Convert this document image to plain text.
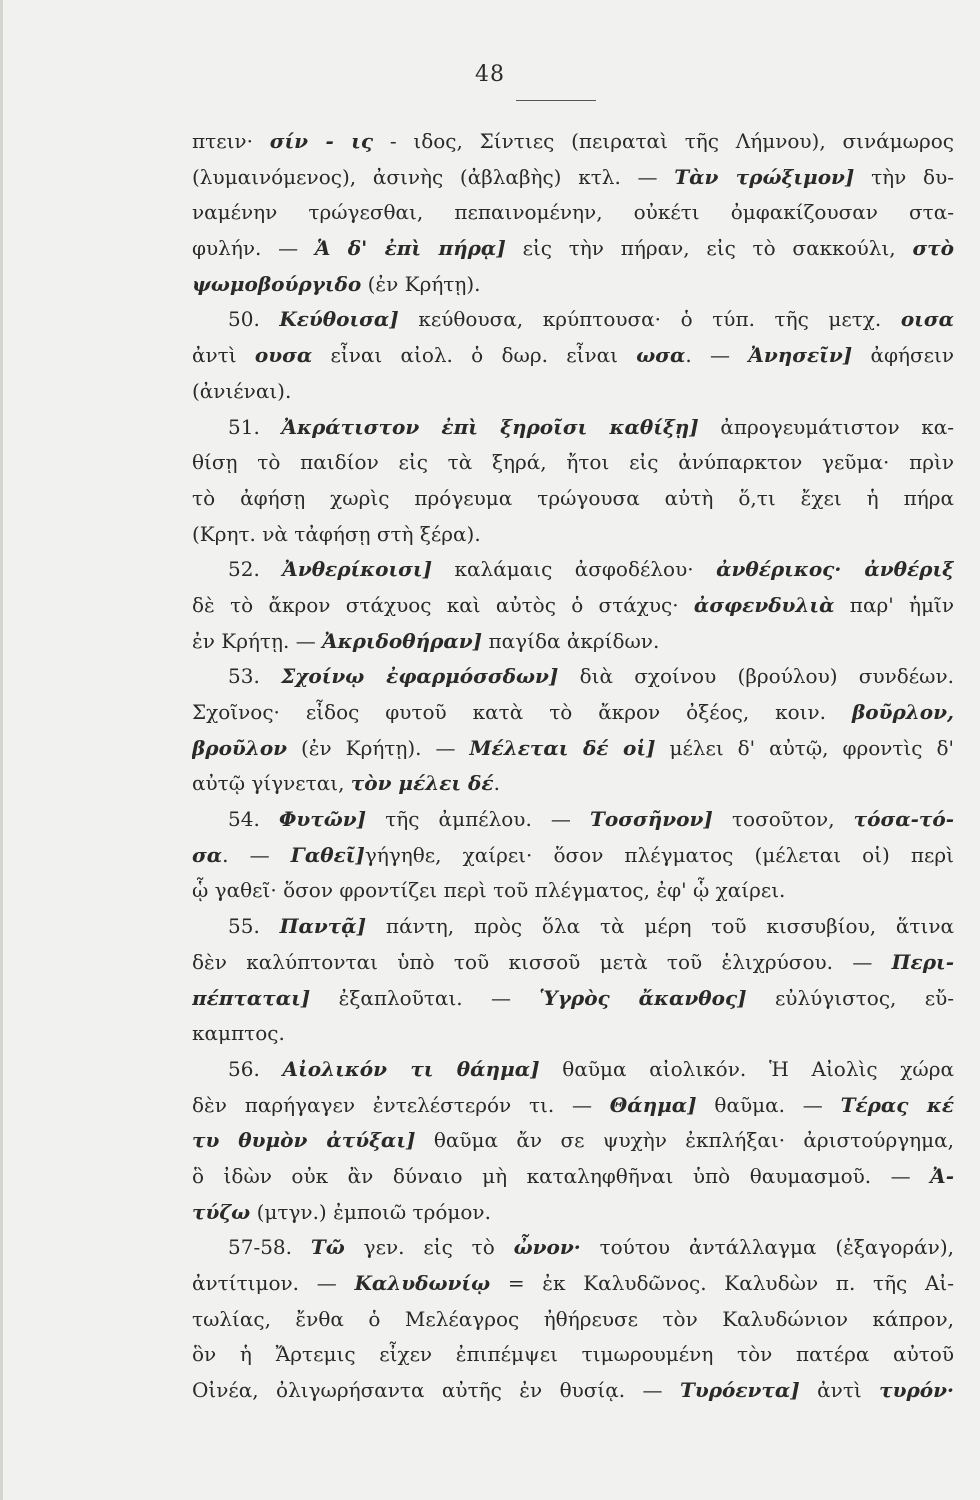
48
πτειν· σίν - ις - ιδος, Σίντιες (πειραταὶ τῆς Λήμνου), σινάμωρος
(λυμαινόμενος), ἀσινὴς (ἀβλαβὴς) κτλ. — Τὰν τρώξιμον] τὴν δυ-
ναμένην τρώγεσθαι, πεπαινομένην, οὐκέτι ὀμφακίζουσαν στα-
φυλήν. — Ἁ δ' ἐπὶ πήρᾳ] εἰς τὴν πήραν, εἰς τὸ σακκούλι, στὸ
ψωμοβούργιδο (ἐν Κρήτῃ).
50. Κεύθοισα] κεύθουσα, κρύπτουσα· ὁ τύπ. τῆς μετχ. οισα
ἀντὶ ουσα εἶναι αἰολ. ὁ δωρ. εἶναι ωσα. — Ἀνησεῖν] ἀφήσειν
(ἀνιέναι).
51. Ἀκράτιστον ἐπὶ ξηροῖσι καθίξῃ] ἀπρογευμάτιστον κα-
θίσῃ τὸ παιδίον εἰς τὰ ξηρά, ἤτοι εἰς ἀνύπαρκτον γεῦμα· πρὶν
τὸ ἀφήσῃ χωρὶς πρόγευμα τρώγουσα αὐτὴ ὅ,τι ἔχει ἡ πήρα
(Κρητ. νὰ τἀφήσῃ στὴ ξέρα).
52. Ἀνθερίκοισι] καλάμαις ἀσφοδέλου· ἀνθέρικος· ἀνθέριξ
δὲ τὸ ἄκρον στάχυος καὶ αὐτὸς ὁ στάχυς· ἀσφενδυλιὰ παρ' ἡμῖν
ἐν Κρήτῃ. — Ἀκριδοθήραν] παγίδα ἀκρίδων.
53. Σχοίνῳ ἐφαρμόσσδων] διὰ σχοίνου (βρούλου) συνδέων.
Σχοῖνος· εἶδος φυτοῦ κατὰ τὸ ἄκρον ὀξέος, κοιν. βοῦρλον,
βροῦλον (ἐν Κρήτῃ). — Μέλεται δέ οἱ] μέλει δ' αὐτῷ, φροντὶς δ'
αὐτῷ γίγνεται, τὸν μέλει δέ.
54. Φυτῶν] τῆς ἀμπέλου. — Τοσσῆνον] τοσοῦτον, τόσα-τό-
σα. — Γαθεῖ]γήγηθε, χαίρει· ὅσον πλέγματος (μέλεται οἱ) περὶ
ᾧ γαθεῖ· ὅσον φροντίζει περὶ τοῦ πλέγματος, ἐφ' ᾧ χαίρει.
55. Παντᾷ] πάντη, πρὸς ὅλα τὰ μέρη τοῦ κισσυβίου, ἅτινα
δὲν καλύπτονται ὑπὸ τοῦ κισσοῦ μετὰ τοῦ ἑλιχρύσου. — Περι-
πέπταται] ἐξαπλοῦται. — Ὑγρὸς ἄκανθος] εὐλύγιστος, εὔ-
καμπτος.
56. Αἰολικόν τι θάημα] θαῦμα αἰολικόν. Ἡ Αἰολὶς χώρα
δὲν παρήγαγεν ἐντελέστερόν τι. — Θάημα] θαῦμα. — Τέρας κέ
τυ θυμὸν ἀτύξαι] θαῦμα ἄν σε ψυχὴν ἐκπλήξαι· ἀριστούργημα,
ὃ ἰδὼν οὐκ ἂν δύναιο μὴ καταληφθῆναι ὑπὸ θαυμασμοῦ. — Ἀ-
τύζω (μτγν.) ἐμποιῶ τρόμον.
57-58. Τῶ γεν. εἰς τὸ ὦνον· τούτου ἀντάλλαγμα (ἐξαγοράν),
ἀντίτιμον. — Καλυδωνίῳ = ἐκ Καλυδῶνος. Καλυδὼν π. τῆς Αἰ-
τωλίας, ἔνθα ὁ Μελέαγρος ἠθήρευσε τὸν Καλυδώνιον κάπρον,
ὃν ἡ Ἄρτεμις εἶχεν ἐπιπέμψει τιμωρουμένη τὸν πατέρα αὐτοῦ
Οἰνέα, ὀλιγωρήσαντα αὐτῆς ἐν θυσίᾳ. — Τυρόεντα] ἀντὶ τυρόν·
